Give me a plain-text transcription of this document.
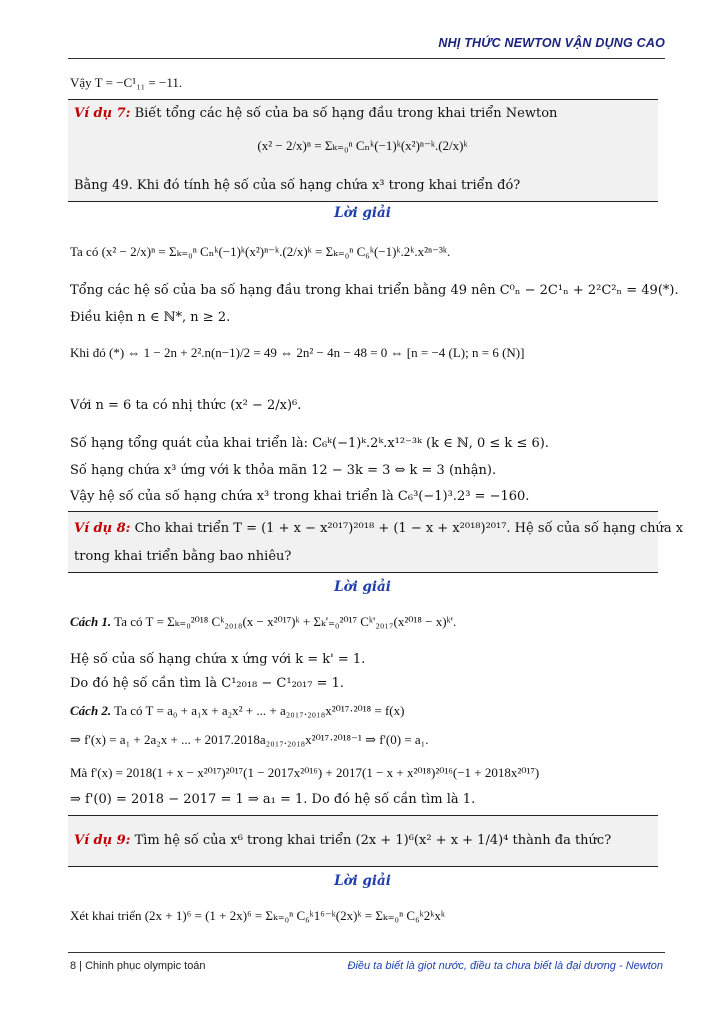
NHỊ THỨC NEWTON VẬN DỤNG CAO
Vậy T = −C¹₁₁ = −11.
Ví dụ 7: Biết tổng các hệ số của ba số hạng đầu trong khai triển Newton
(x² − 2/x)ⁿ = Σₖ₌₀ⁿ Cₙᵏ(−1)ᵏ(x²)ⁿ⁻ᵏ.(2/x)ᵏ
Bằng 49. Khi đó tính hệ số của số hạng chứa x³ trong khai triển đó?
Lời giải
Ta có (x² − 2/x)ⁿ = Σₖ₌₀ⁿ Cₙᵏ(−1)ᵏ(x²)ⁿ⁻ᵏ.(2/x)ᵏ = Σₖ₌₀ⁿ C₆ᵏ(−1)ᵏ.2ᵏ.x²ⁿ⁻³ᵏ.
Tổng các hệ số của ba số hạng đầu trong khai triển bằng 49 nên C⁰ₙ − 2C¹ₙ + 2²C²ₙ = 49(*).
Điều kiện n ∈ ℕ*, n ≥ 2.
Khi đó (*) ⇔ 1 − 2n + 2².n(n−1)/2 = 49 ⇔ 2n² − 4n − 48 = 0 ⇔ [n = −4 (L); n = 6 (N)]
Với n = 6 ta có nhị thức (x² − 2/x)⁶.
Số hạng tổng quát của khai triển là: C₆ᵏ(−1)ᵏ.2ᵏ.x¹²⁻³ᵏ (k ∈ ℕ, 0 ≤ k ≤ 6).
Số hạng chứa x³ ứng với k thỏa mãn 12 − 3k = 3 ⇔ k = 3 (nhận).
Vậy hệ số của số hạng chứa x³ trong khai triển là C₆³(−1)³.2³ = −160.
Ví dụ 8: Cho khai triển T = (1 + x − x²⁰¹⁷)²⁰¹⁸ + (1 − x + x²⁰¹⁸)²⁰¹⁷. Hệ số của số hạng chứa x
trong khai triển bằng bao nhiêu?
Lời giải
Cách 1. Ta có T = Σₖ₌₀²⁰¹⁸ Cᵏ₂₀₁₈(x − x²⁰¹⁷)ᵏ + Σₖ'₌₀²⁰¹⁷ Cᵏ'₂₀₁₇(x²⁰¹⁸ − x)ᵏ'.
Hệ số của số hạng chứa x ứng với k = k' = 1.
Do đó hệ số cần tìm là C¹₂₀₁₈ − C¹₂₀₁₇ = 1.
Cách 2. Ta có T = a₀ + a₁x + a₂x² + ... + a₂₀₁₇.₂₀₁₈x²⁰¹⁷·²⁰¹⁸ = f(x)
⇒ f'(x) = a₁ + 2a₂x + ... + 2017.2018a₂₀₁₇.₂₀₁₈x²⁰¹⁷·²⁰¹⁸⁻¹ ⇒ f'(0) = a₁.
Mà f'(x) = 2018(1 + x − x²⁰¹⁷)²⁰¹⁷(1 − 2017x²⁰¹⁶) + 2017(1 − x + x²⁰¹⁸)²⁰¹⁶(−1 + 2018x²⁰¹⁷)
⇒ f'(0) = 2018 − 2017 = 1 ⇒ a₁ = 1. Do đó hệ số cần tìm là 1.
Ví dụ 9: Tìm hệ số của x⁶ trong khai triển (2x + 1)⁶(x² + x + 1/4)⁴ thành đa thức?
Lời giải
Xét khai triển (2x + 1)⁶ = (1 + 2x)⁶ = Σₖ₌₀ⁿ C₆ᵏ1⁶⁻ᵏ(2x)ᵏ = Σₖ₌₀ⁿ C₆ᵏ2ᵏxᵏ
8 | Chinh phục olympic toán	Điều ta biết là giọt nước, điều ta chưa biết là đại dương - Newton
